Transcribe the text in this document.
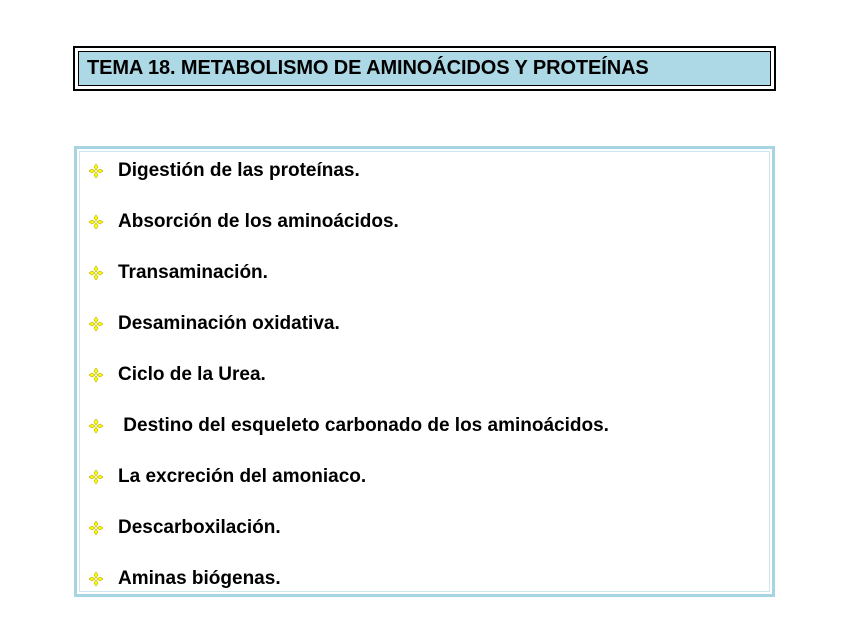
TEMA 18. METABOLISMO DE AMINOÁCIDOS Y PROTEÍNAS
Digestión de las proteínas.
Absorción de los aminoácidos.
Transaminación.
Desaminación oxidativa.
Ciclo de la Urea.
Destino del esqueleto carbonado de los aminoácidos.
La excreción del amoniaco.
Descarboxilación.
Aminas biógenas.
